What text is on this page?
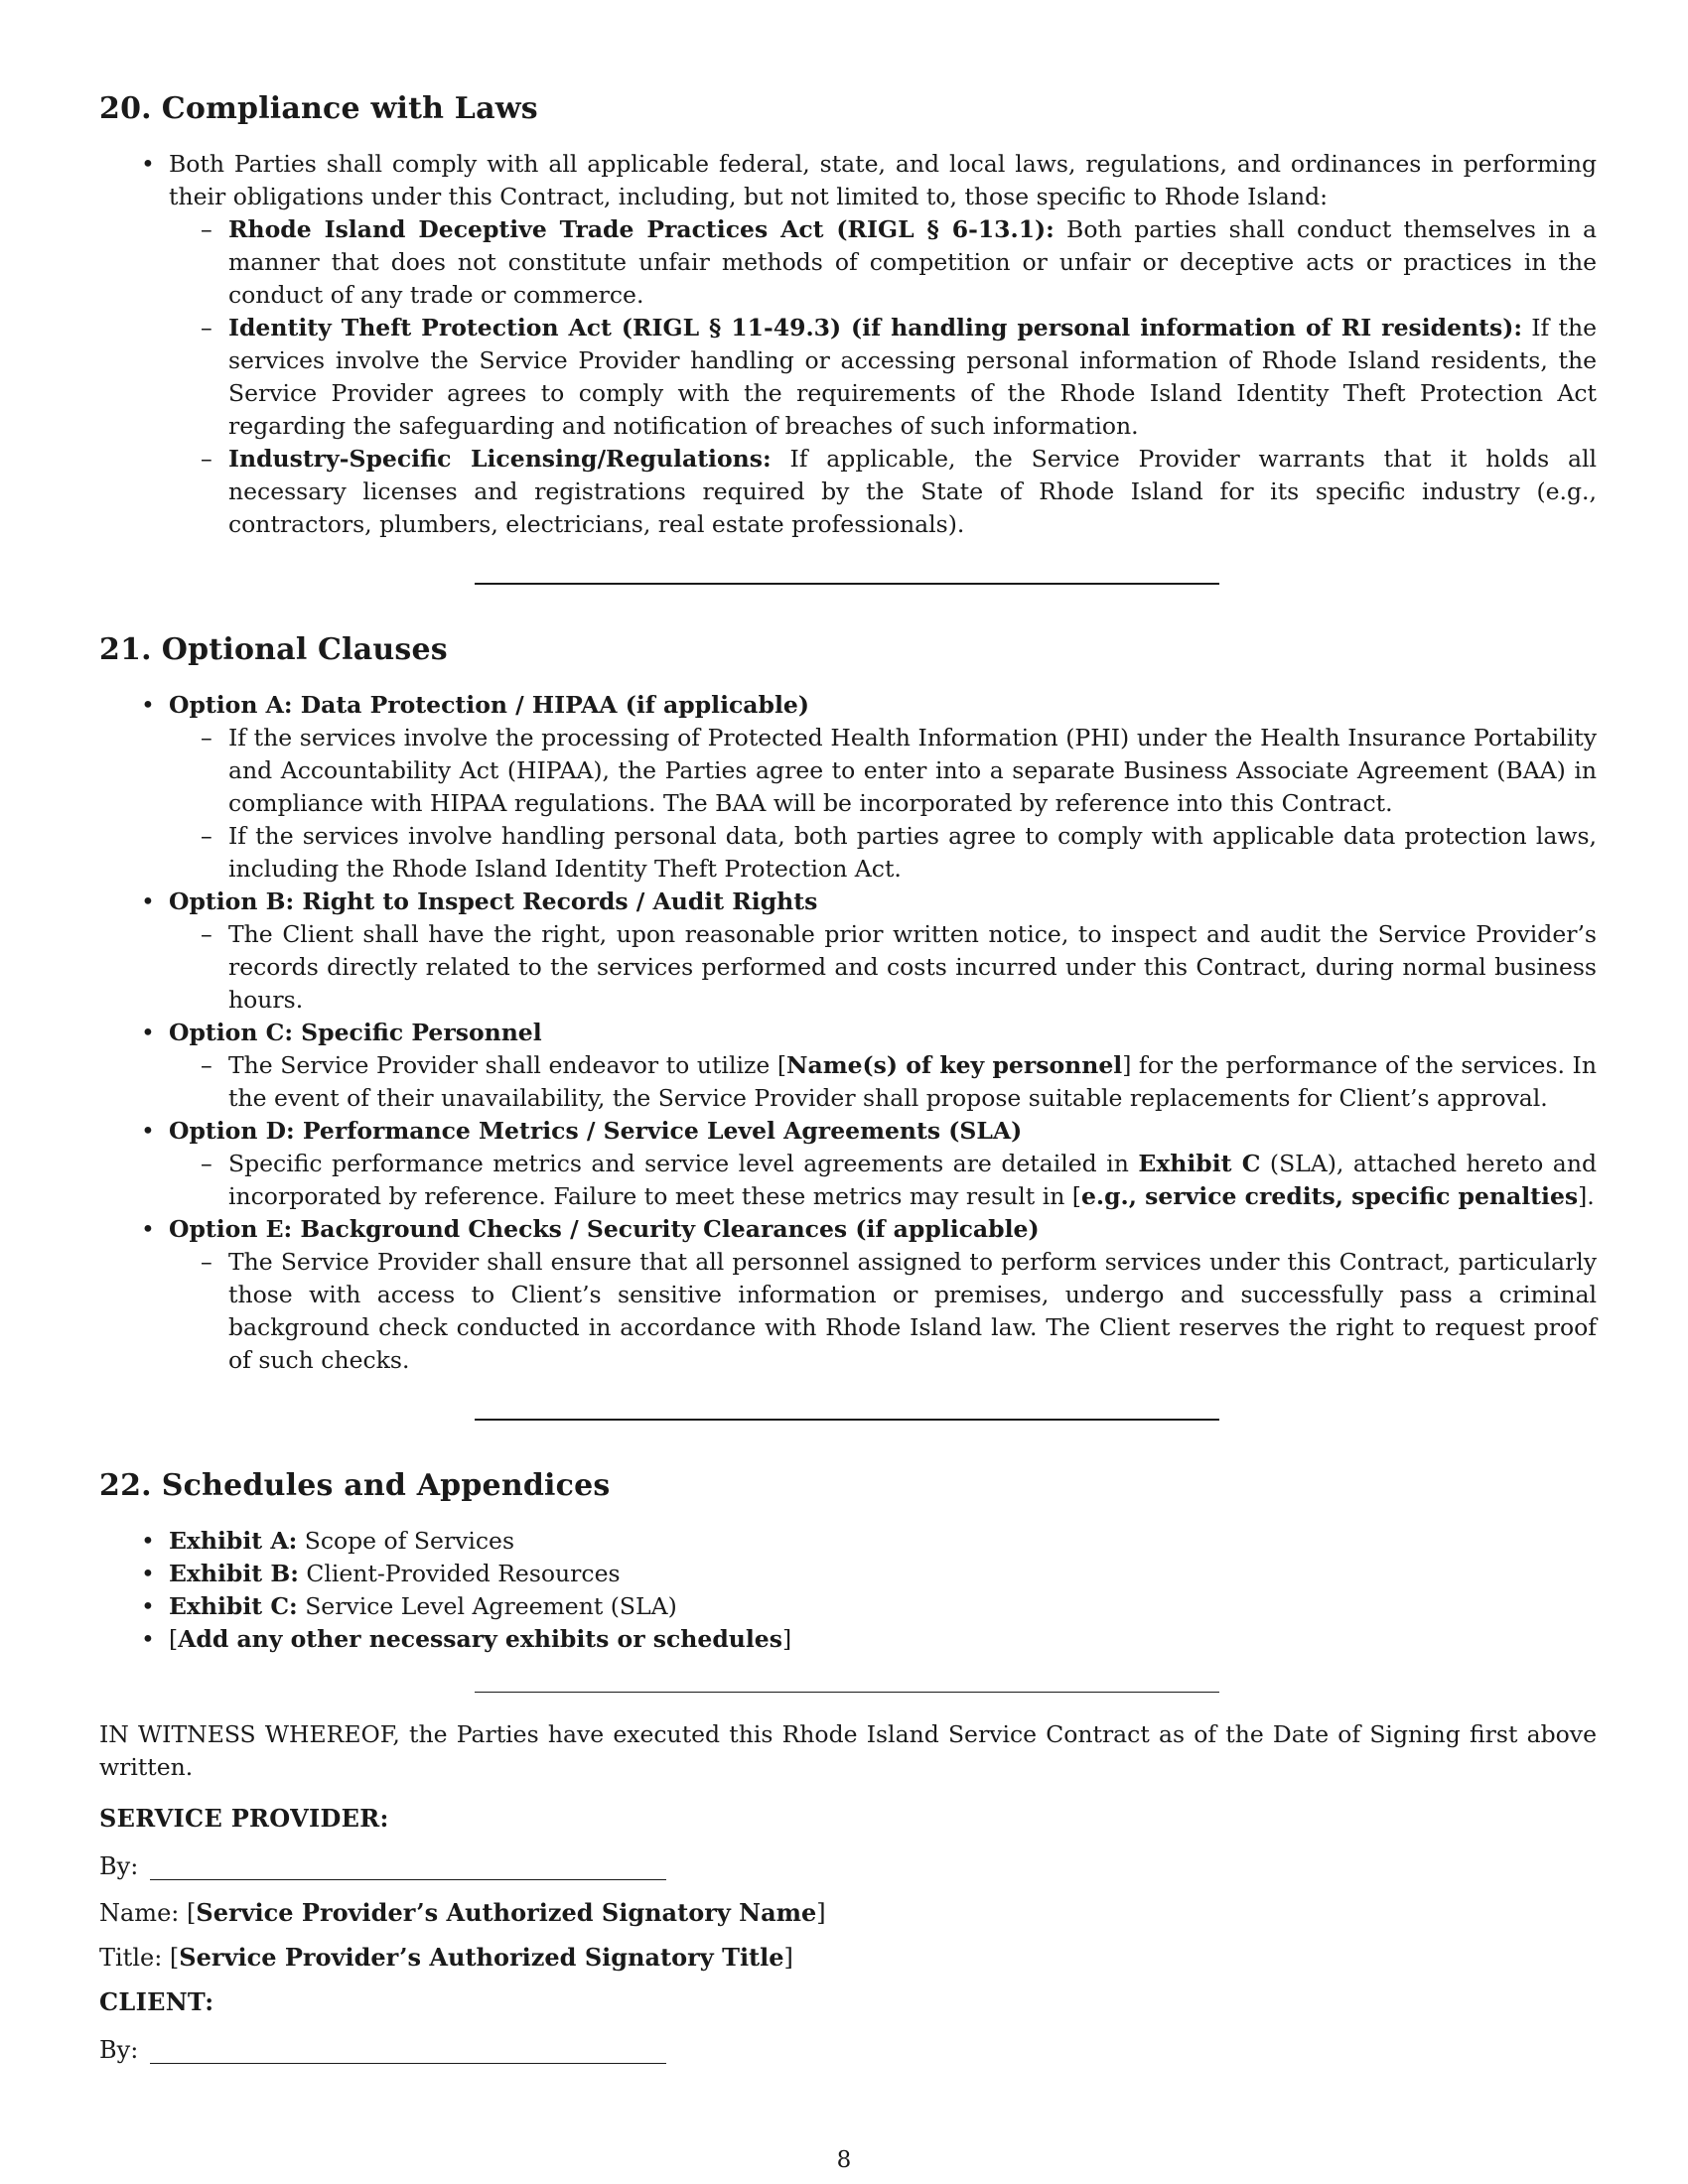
20. Compliance with Laws
• Both Parties shall comply with all applicable federal, state, and local laws, regulations, and ordinances in performing their obligations under this Contract, including, but not limited to, those specific to Rhode Island:
– Rhode Island Deceptive Trade Practices Act (RIGL § 6-13.1): Both parties shall conduct themselves in a manner that does not constitute unfair methods of competition or unfair or deceptive acts or practices in the conduct of any trade or commerce.
– Identity Theft Protection Act (RIGL § 11-49.3) (if handling personal information of RI residents): If the services involve the Service Provider handling or accessing personal information of Rhode Island residents, the Service Provider agrees to comply with the requirements of the Rhode Island Identity Theft Protection Act regarding the safeguarding and notification of breaches of such information.
– Industry-Specific Licensing/Regulations: If applicable, the Service Provider warrants that it holds all necessary licenses and registrations required by the State of Rhode Island for its specific industry (e.g., contractors, plumbers, electricians, real estate professionals).
21. Optional Clauses
• Option A: Data Protection / HIPAA (if applicable)
– If the services involve the processing of Protected Health Information (PHI) under the Health Insurance Portability and Accountability Act (HIPAA), the Parties agree to enter into a separate Business Associate Agreement (BAA) in compliance with HIPAA regulations. The BAA will be incorporated by reference into this Contract.
– If the services involve handling personal data, both parties agree to comply with applicable data protection laws, including the Rhode Island Identity Theft Protection Act.
• Option B: Right to Inspect Records / Audit Rights
– The Client shall have the right, upon reasonable prior written notice, to inspect and audit the Service Provider’s records directly related to the services performed and costs incurred under this Contract, during normal business hours.
• Option C: Specific Personnel
– The Service Provider shall endeavor to utilize [Name(s) of key personnel] for the performance of the services. In the event of their unavailability, the Service Provider shall propose suitable replacements for Client’s approval.
• Option D: Performance Metrics / Service Level Agreements (SLA)
– Specific performance metrics and service level agreements are detailed in Exhibit C (SLA), attached hereto and incorporated by reference. Failure to meet these metrics may result in [e.g., service credits, specific penalties].
• Option E: Background Checks / Security Clearances (if applicable)
– The Service Provider shall ensure that all personnel assigned to perform services under this Contract, particularly those with access to Client’s sensitive information or premises, undergo and successfully pass a criminal background check conducted in accordance with Rhode Island law. The Client reserves the right to request proof of such checks.
22. Schedules and Appendices
• Exhibit A: Scope of Services
• Exhibit B: Client-Provided Resources
• Exhibit C: Service Level Agreement (SLA)
• [Add any other necessary exhibits or schedules]

IN WITNESS WHEREOF, the Parties have executed this Rhode Island Service Contract as of the Date of Signing first above written.

SERVICE PROVIDER:

By:

Name: [Service Provider’s Authorized Signatory Name]

Title: [Service Provider’s Authorized Signatory Title]

CLIENT:

By:

8
